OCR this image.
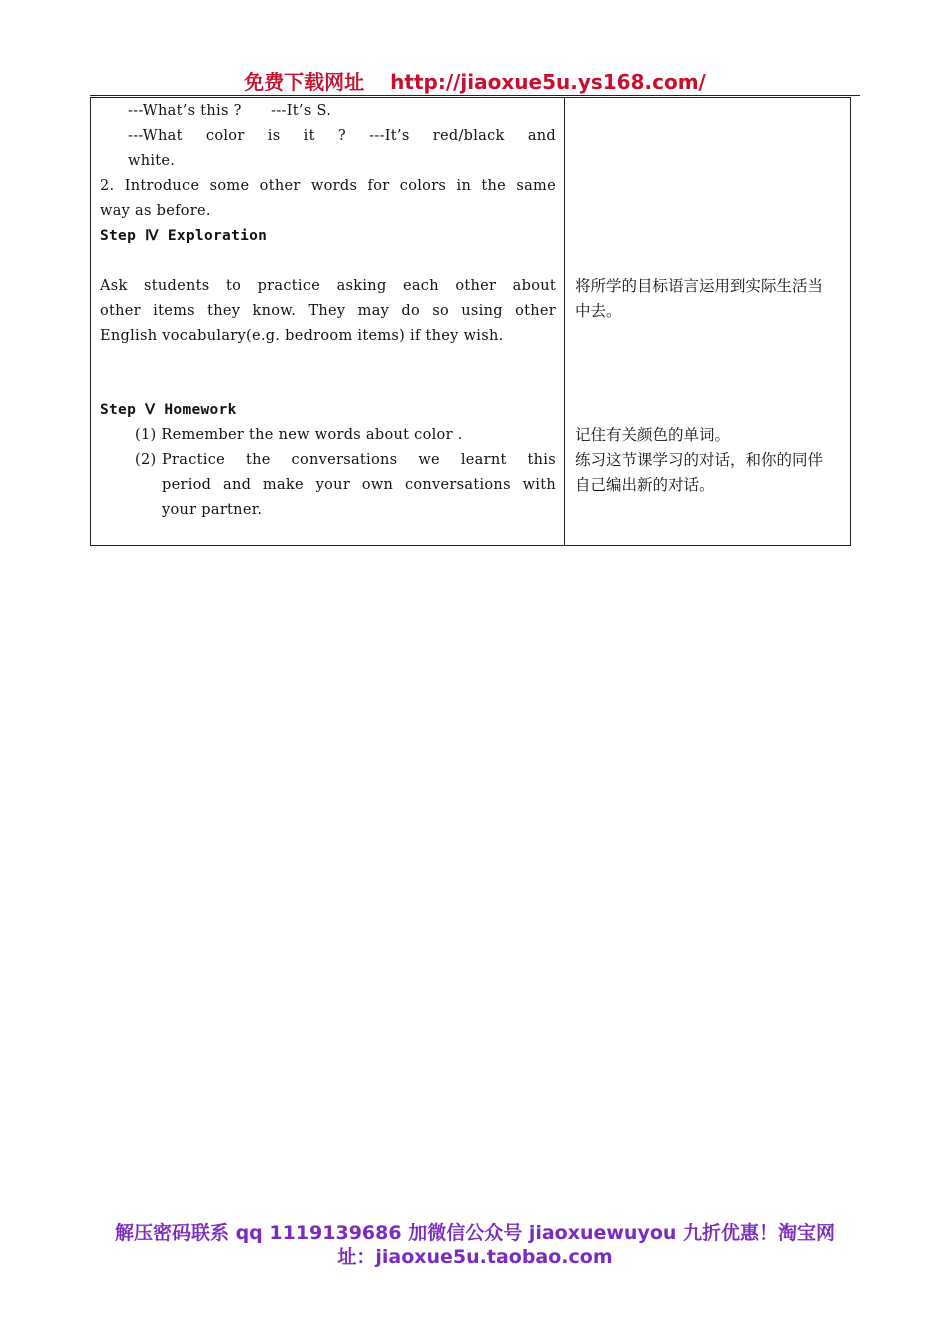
免费下载网址 http://jiaoxue5u.ys168.com/
---What’s this ?      ---It’s S.
---What color is it ? ---It’s red/black and
white.
2. Introduce some other words for colors in the same
way as before.
Step Ⅳ Exploration
Ask students to practice asking each other about
other items they know. They may do so using other
English vocabulary(e.g. bedroom items) if they wish.
Step Ⅴ Homework
(1) Remember the new words about color .
(2) Practice the conversations we learnt this
period and make your own conversations with
your partner.
将所学的目标语言运用到实际生活当
中去。
记住有关颜色的单词。
练习这节课学习的对话，和你的同伴
自己编出新的对话。
解压密码联系 qq 1119139686 加微信公众号 jiaoxuewuyou 九折优惠！淘宝网
址：jiaoxue5u.taobao.com
